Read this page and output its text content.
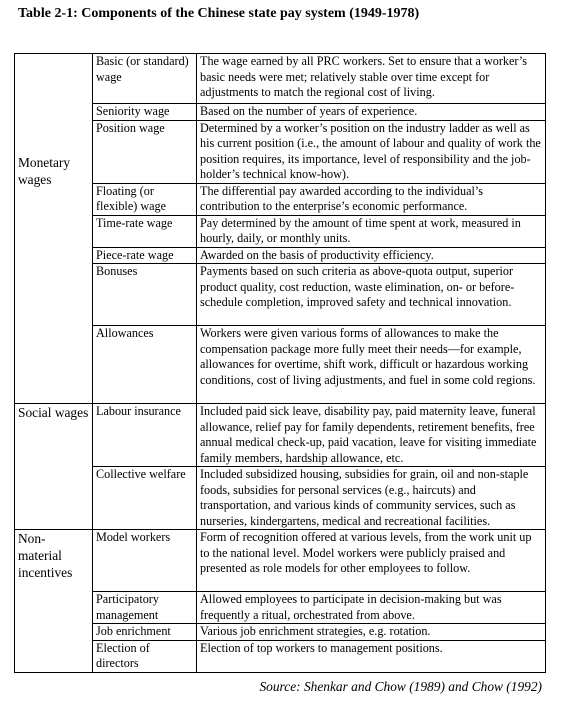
Table 2-1: Components of the Chinese state pay system (1949-1978)
Monetary wages	Basic (or standard) wage	The wage earned by all PRC workers. Set to ensure that a worker’s basic needs were met; relatively stable over time except for adjustments to match the regional cost of living.
	Seniority wage	Based on the number of years of experience.
	Position wage	Determined by a worker’s position on the industry ladder as well as his current position (i.e., the amount of labour and quality of work the position requires, its importance, level of responsibility and the job-holder’s technical know-how).
	Floating (or flexible) wage	The differential pay awarded according to the individual’s contribution to the enterprise’s economic performance.
	Time-rate wage	Pay determined by the amount of time spent at work, measured in hourly, daily, or monthly units.
	Piece-rate wage	Awarded on the basis of productivity efficiency.
	Bonuses	Payments based on such criteria as above-quota output, superior product quality, cost reduction, waste elimination, on- or before-schedule completion, improved safety and technical innovation.
	Allowances	Workers were given various forms of allowances to make the compensation package more fully meet their needs—for example, allowances for overtime, shift work, difficult or hazardous working conditions, cost of living adjustments, and fuel in some cold regions.
Social wages	Labour insurance	Included paid sick leave, disability pay, paid maternity leave, funeral allowance, relief pay for family dependents, retirement benefits, free annual medical check-up, paid vacation, leave for visiting immediate family members, hardship allowance, etc.
	Collective welfare	Included subsidized housing, subsidies for grain, oil and non-staple foods, subsidies for personal services (e.g., haircuts) and transportation, and various kinds of community services, such as nurseries, kindergartens, medical and recreational facilities.
Non-material incentives	Model workers	Form of recognition offered at various levels, from the work unit up to the national level. Model workers were publicly praised and presented as role models for other employees to follow.
	Participatory management	Allowed employees to participate in decision-making but was frequently a ritual, orchestrated from above.
	Job enrichment	Various job enrichment strategies, e.g. rotation.
	Election of directors	Election of top workers to management positions.
Source: Shenkar and Chow (1989) and Chow (1992)
